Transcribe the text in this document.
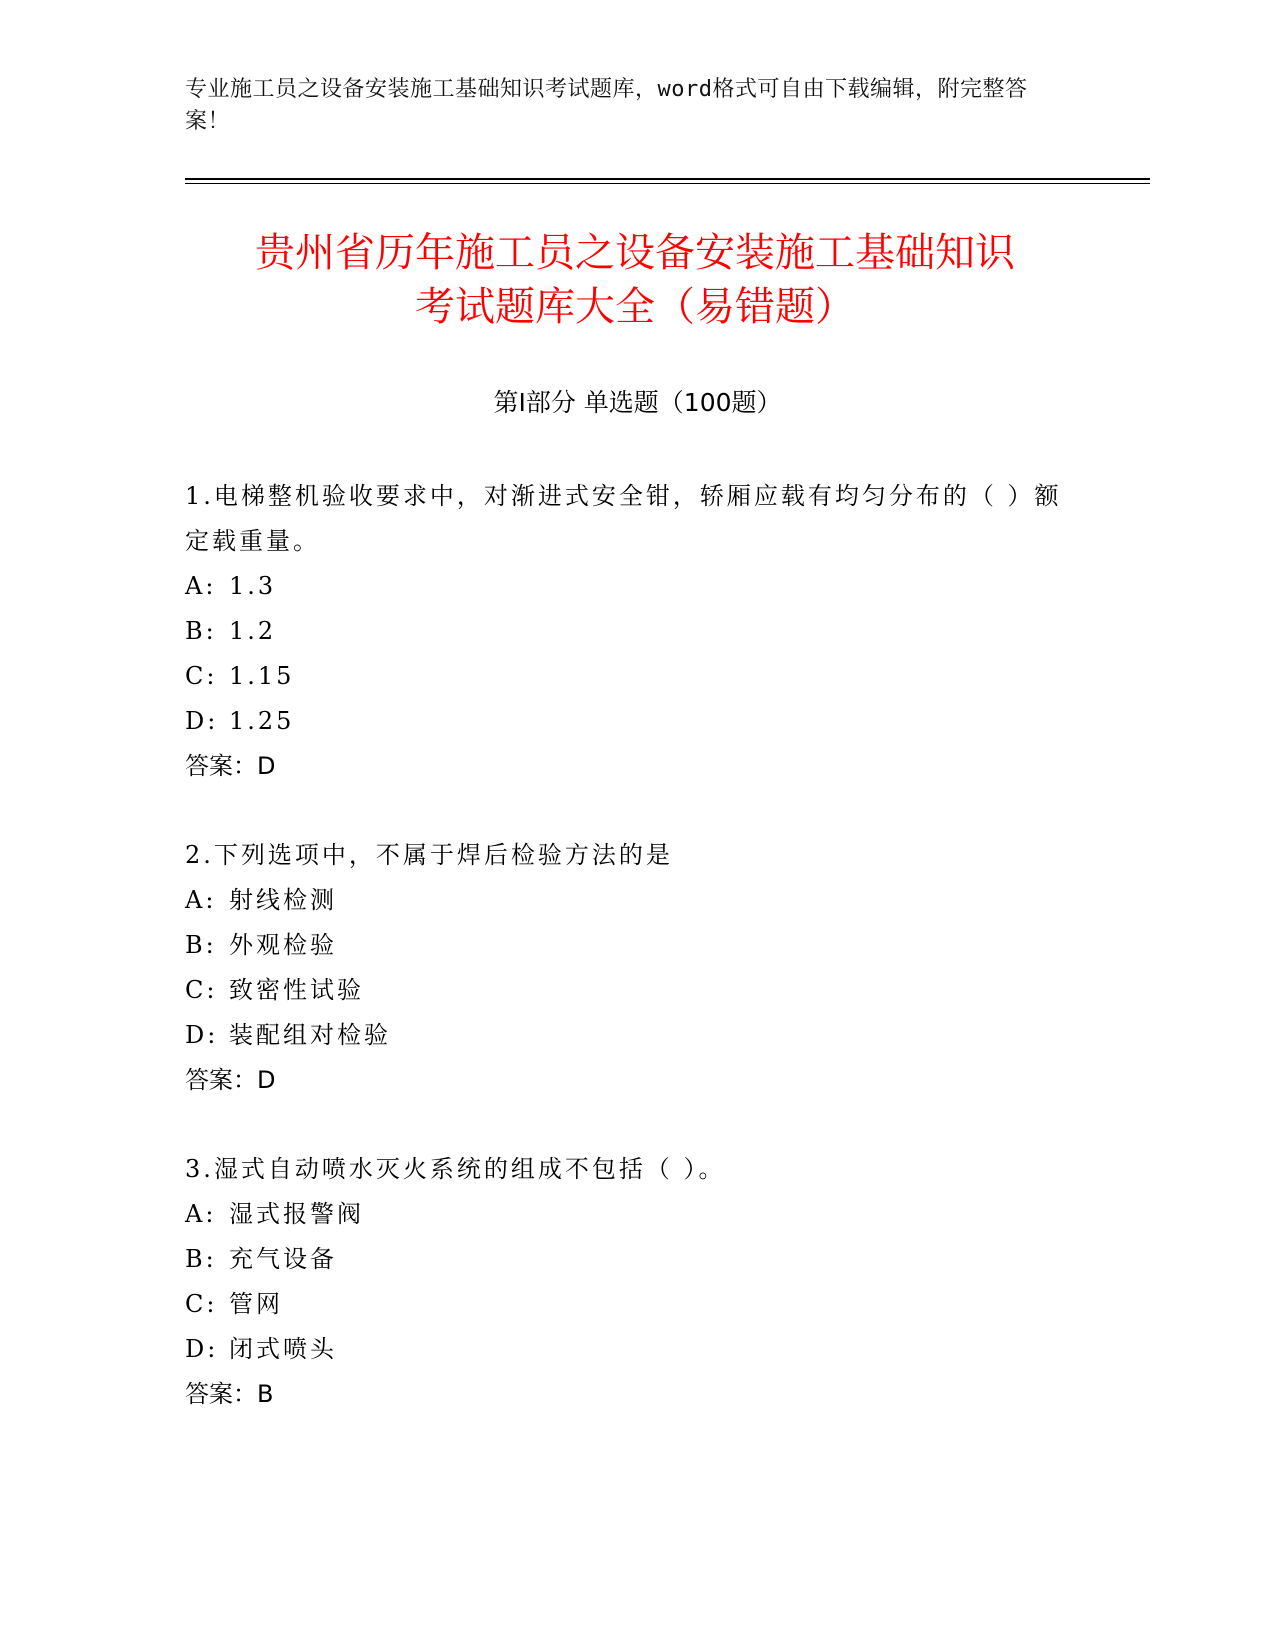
专业施工员之设备安装施工基础知识考试题库，word格式可自由下载编辑，附完整答案！
贵州省历年施工员之设备安装施工基础知识
考试题库大全（易错题）
第Ⅰ部分 单选题（100题）
1.电梯整机验收要求中，对渐进式安全钳，轿厢应载有均匀分布的（ ）额定载重量。
A: 1.3
B: 1.2
C: 1.15
D: 1.25
答案：D
2.下列选项中，不属于焊后检验方法的是
A: 射线检测
B: 外观检验
C: 致密性试验
D: 装配组对检验
答案：D
3.湿式自动喷水灭火系统的组成不包括（ ）。
A: 湿式报警阀
B: 充气设备
C: 管网
D: 闭式喷头
答案：B
